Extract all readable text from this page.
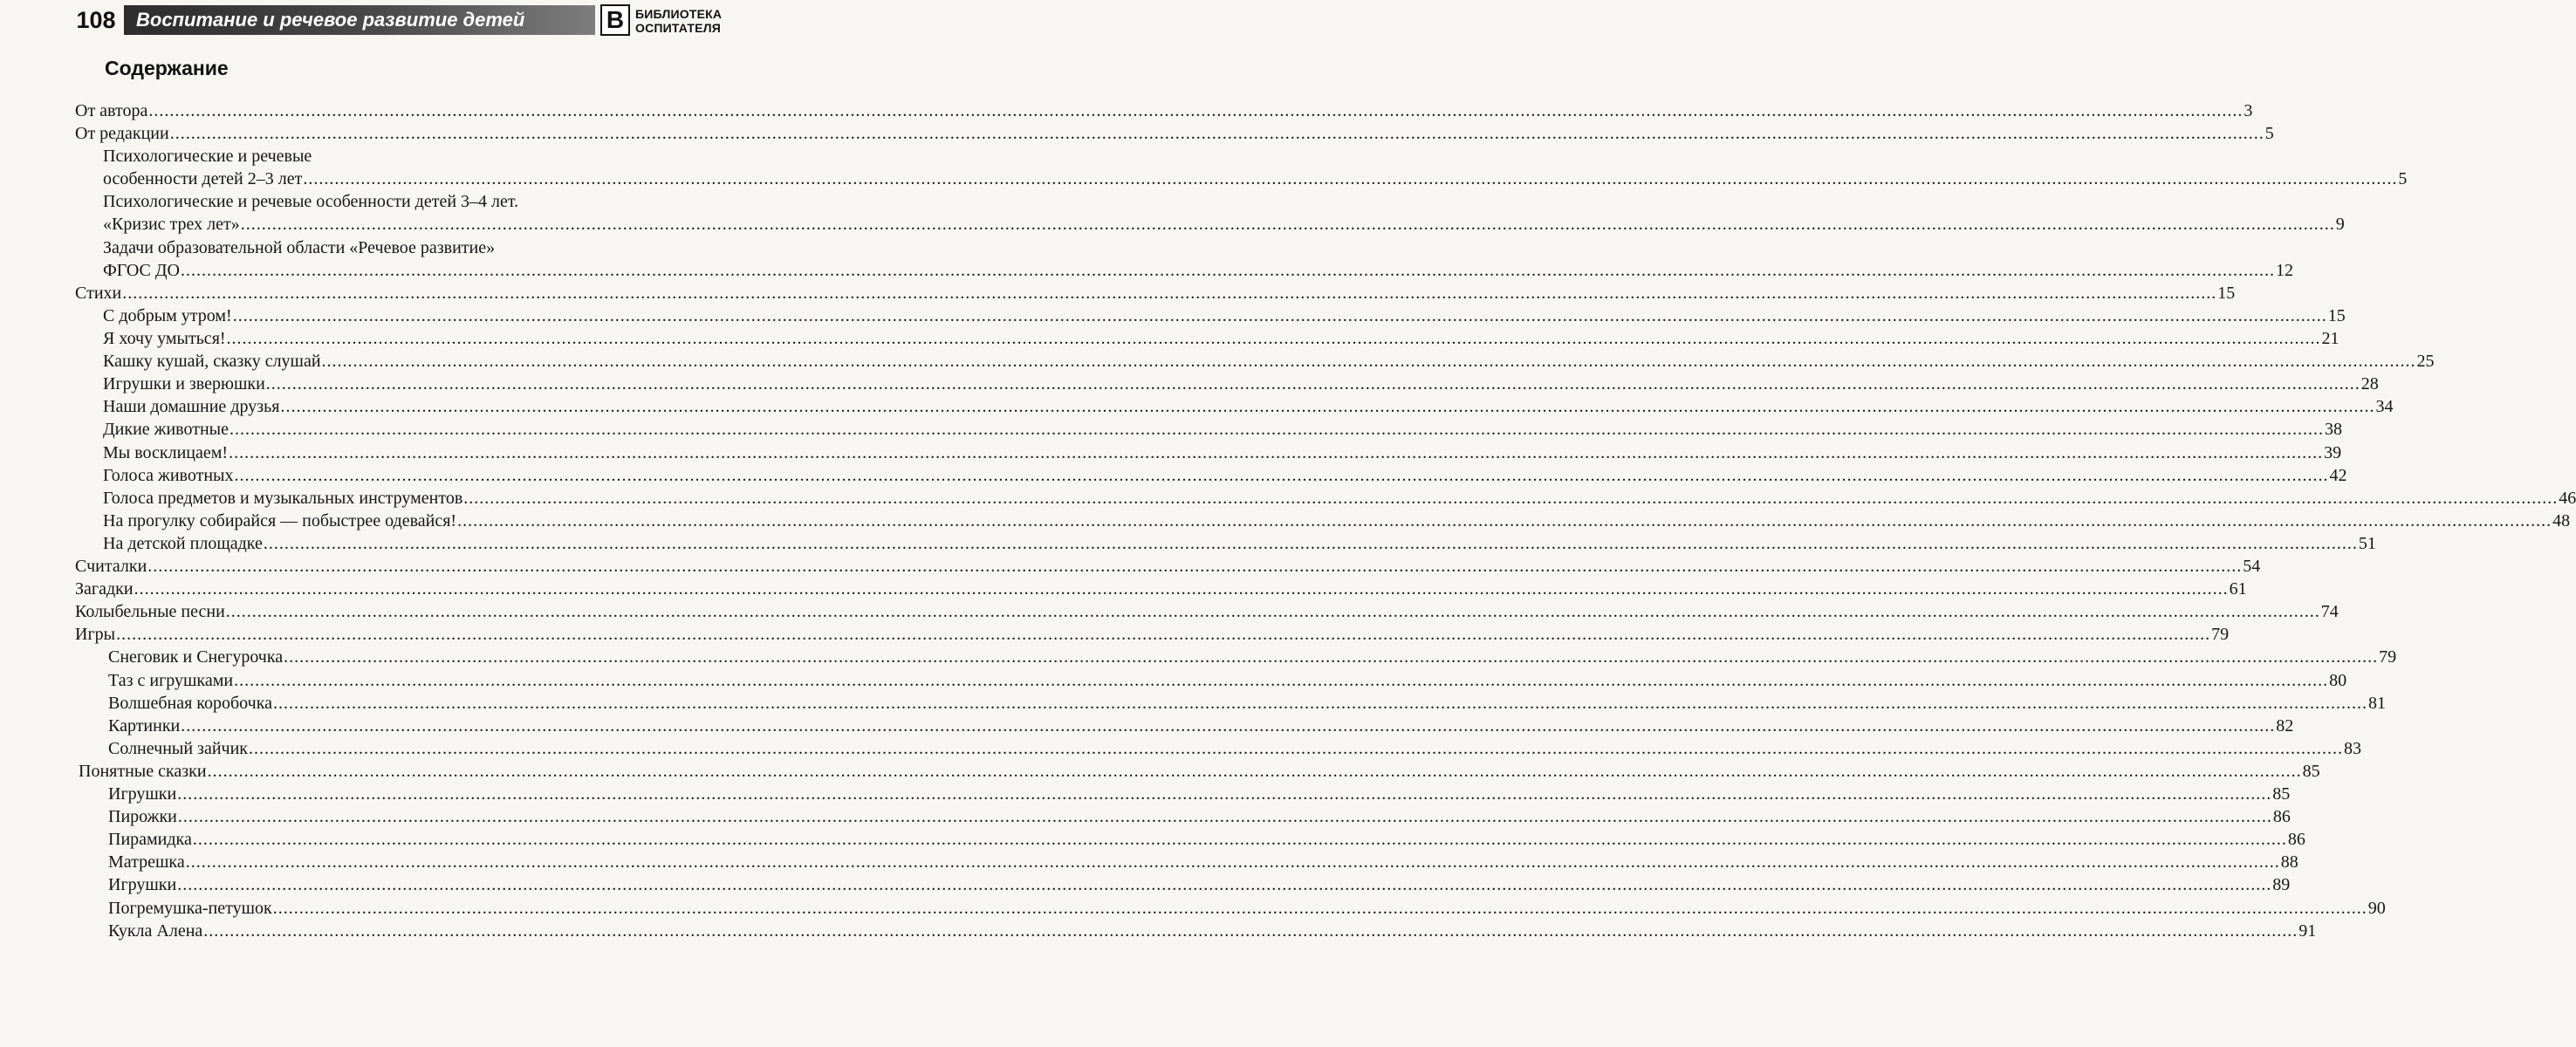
108	Воспитание и речевое развитие детей	В БИБЛИОТЕКА
ОСПИТАТЕЛЯ
Содержание
От автора ................................................................................................................................................................................................................................................................................................................................................................................................................ 3
От редакции ................................................................................................................................................................................................................................................................................................................................................................................................................ 5
Психологические и речевые
особенности детей 2–3 лет ................................................................................................................................................................................................................................................................................................................................................................................................................ 5
Психологические и речевые особенности детей 3–4 лет.
«Кризис трех лет» ................................................................................................................................................................................................................................................................................................................................................................................................................ 9
Задачи образовательной области «Речевое развитие»
ФГОС ДО ................................................................................................................................................................................................................................................................................................................................................................................................................ 12
Стихи ................................................................................................................................................................................................................................................................................................................................................................................................................ 15
С добрым утром! ................................................................................................................................................................................................................................................................................................................................................................................................................ 15
Я хочу умыться! ................................................................................................................................................................................................................................................................................................................................................................................................................ 21
Кашку кушай, сказку слушай ................................................................................................................................................................................................................................................................................................................................................................................................................ 25
Игрушки и зверюшки ................................................................................................................................................................................................................................................................................................................................................................................................................ 28
Наши домашние друзья ................................................................................................................................................................................................................................................................................................................................................................................................................ 34
Дикие животные ................................................................................................................................................................................................................................................................................................................................................................................................................ 38
Мы восклицаем! ................................................................................................................................................................................................................................................................................................................................................................................................................ 39
Голоса животных ................................................................................................................................................................................................................................................................................................................................................................................................................ 42
Голоса предметов и музыкальных инструментов ................................................................................................................................................................................................................................................................................................................................................................................................................ 46
На прогулку собирайся — побыстрее одевайся! ................................................................................................................................................................................................................................................................................................................................................................................................................ 48
На детской площадке ................................................................................................................................................................................................................................................................................................................................................................................................................ 51
Считалки ................................................................................................................................................................................................................................................................................................................................................................................................................ 54
Загадки ................................................................................................................................................................................................................................................................................................................................................................................................................ 61
Колыбельные песни ................................................................................................................................................................................................................................................................................................................................................................................................................ 74
Игры ................................................................................................................................................................................................................................................................................................................................................................................................................ 79
Снеговик и Снегурочка ................................................................................................................................................................................................................................................................................................................................................................................................................ 79
Таз с игрушками ................................................................................................................................................................................................................................................................................................................................................................................................................ 80
Волшебная коробочка ................................................................................................................................................................................................................................................................................................................................................................................................................ 81
Картинки ................................................................................................................................................................................................................................................................................................................................................................................................................ 82
Солнечный зайчик ................................................................................................................................................................................................................................................................................................................................................................................................................ 83
Понятные сказки ................................................................................................................................................................................................................................................................................................................................................................................................................ 85
Игрушки ................................................................................................................................................................................................................................................................................................................................................................................................................ 85
Пирожки ................................................................................................................................................................................................................................................................................................................................................................................................................ 86
Пирамидка ................................................................................................................................................................................................................................................................................................................................................................................................................ 86
Матрешка ................................................................................................................................................................................................................................................................................................................................................................................................................ 88
Игрушки ................................................................................................................................................................................................................................................................................................................................................................................................................ 89
Погремушка-петушок ................................................................................................................................................................................................................................................................................................................................................................................................................ 90
Кукла Алена ................................................................................................................................................................................................................................................................................................................................................................................................................ 91
